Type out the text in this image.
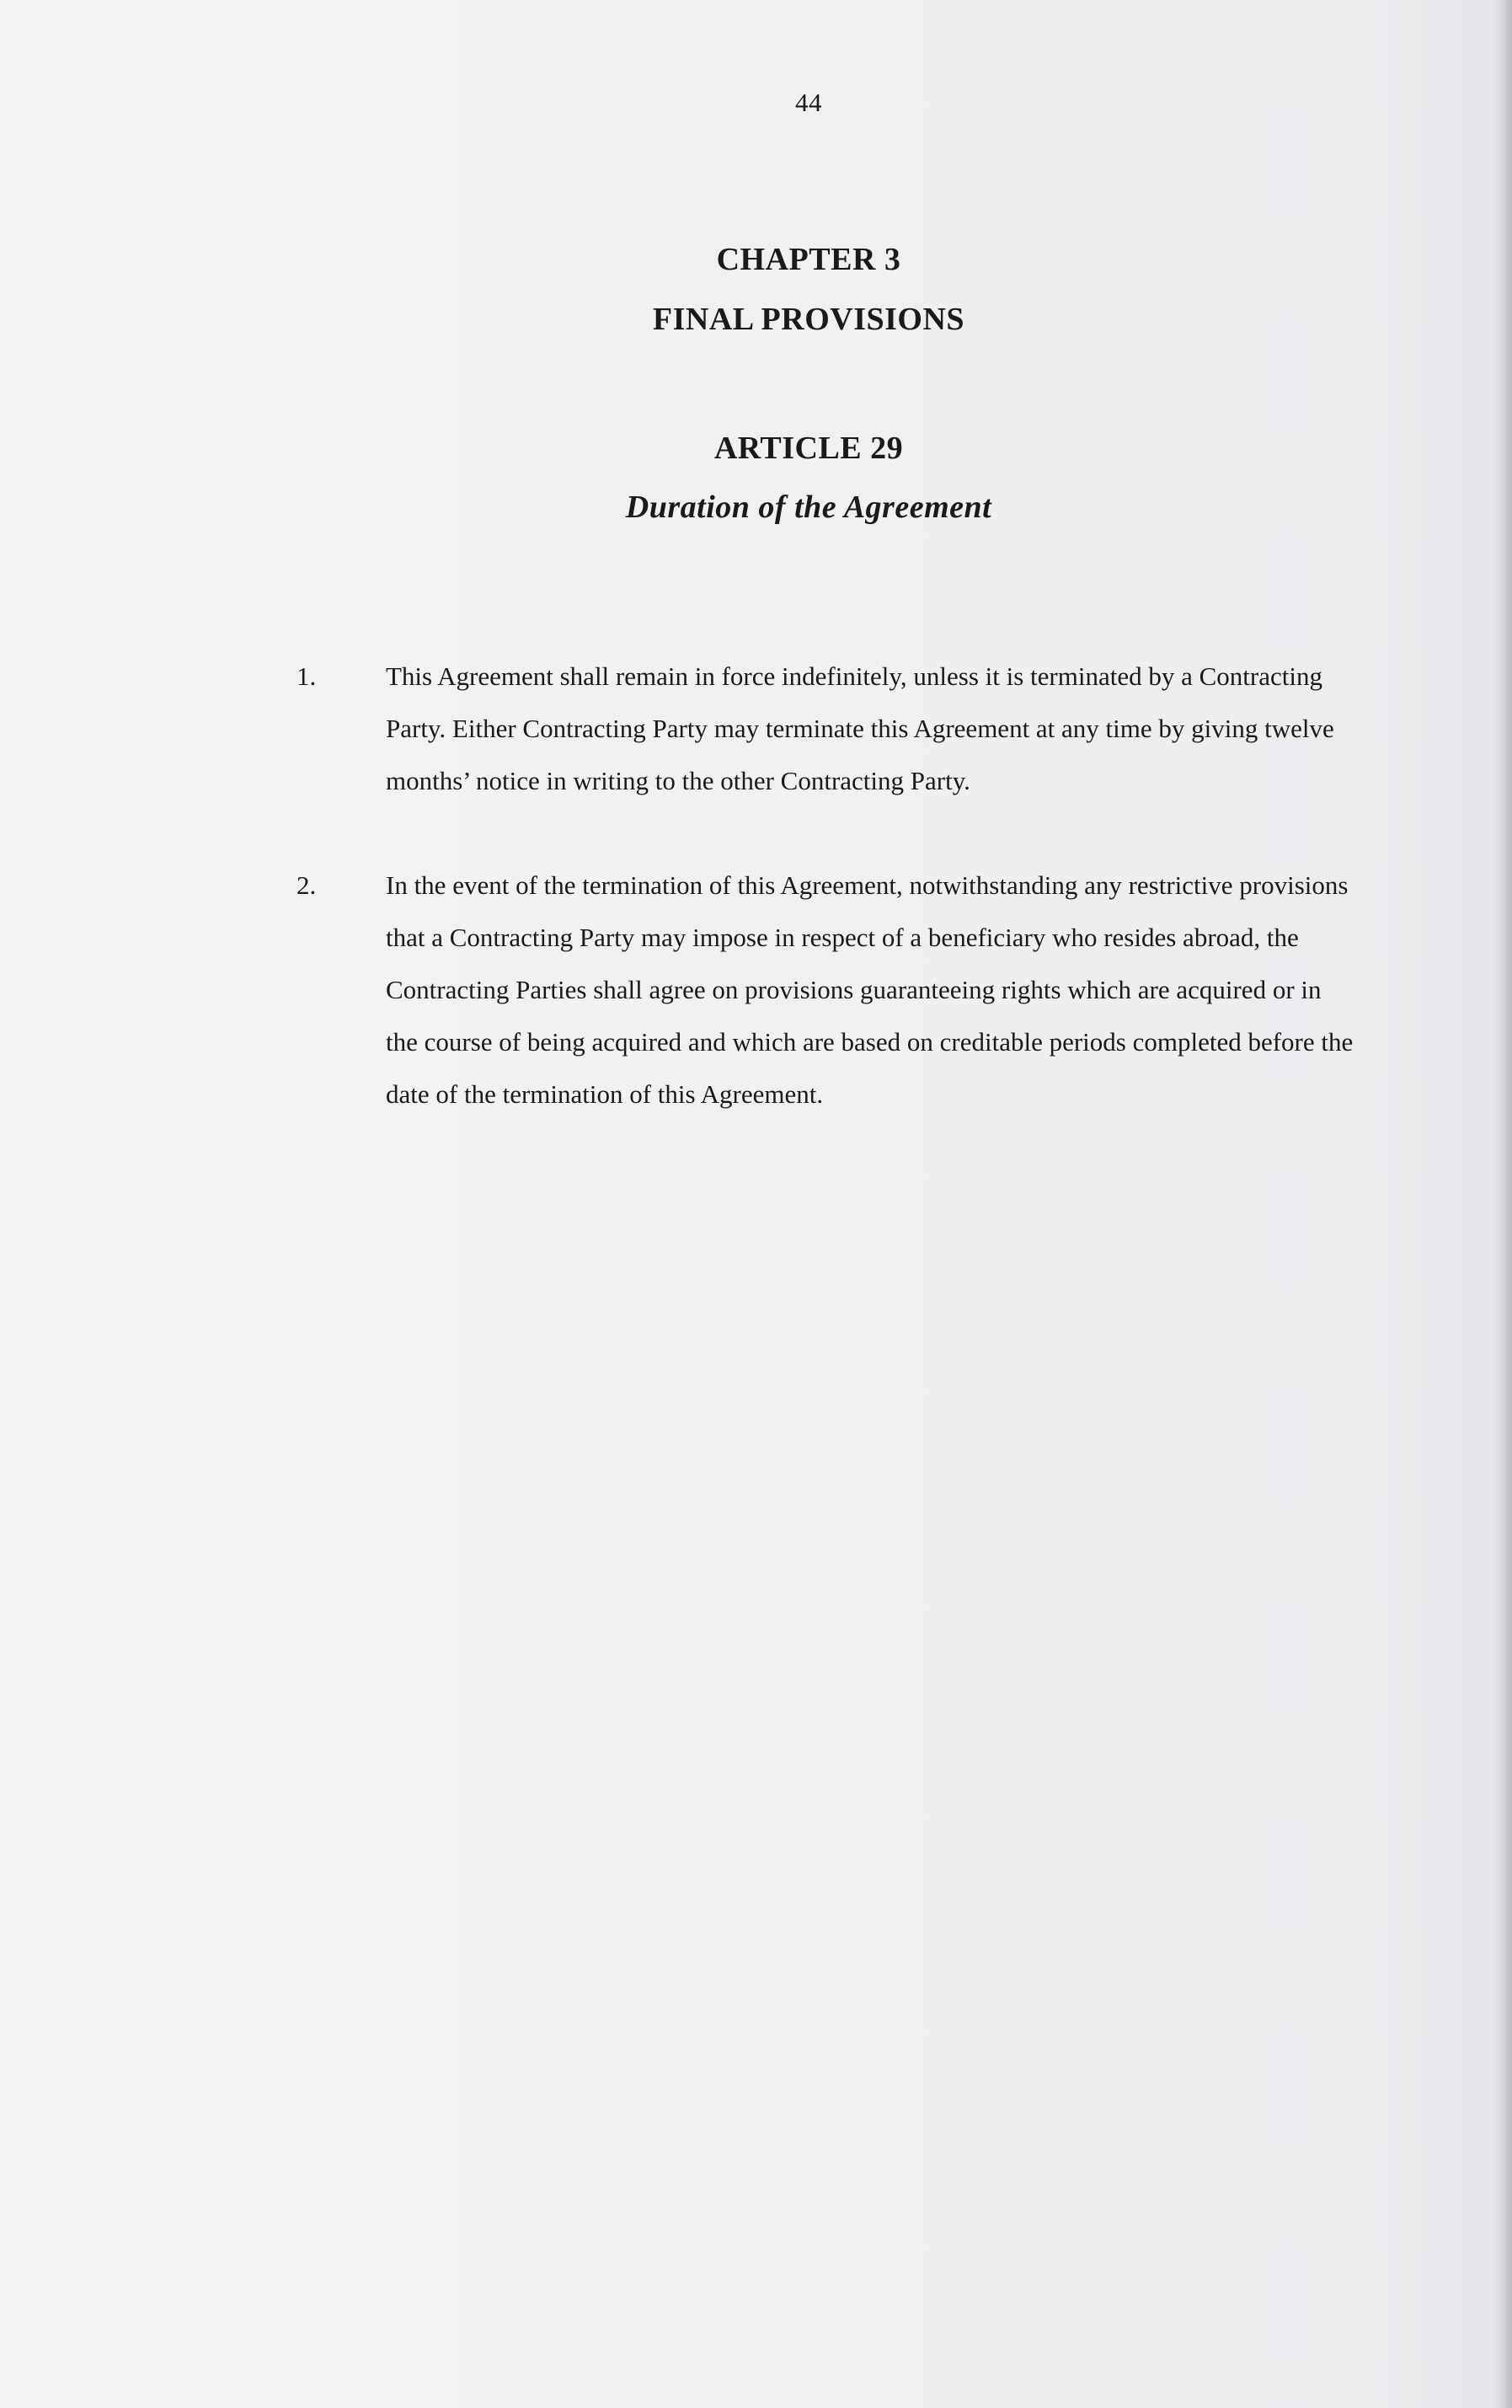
44
CHAPTER 3
FINAL PROVISIONS
ARTICLE 29
Duration of the Agreement
1.	This Agreement shall remain in force indefinitely, unless it is terminated by a Contracting Party. Either Contracting Party may terminate this Agreement at any time by giving twelve months’ notice in writing to the other Contracting Party.
2.	In the event of the termination of this Agreement, notwithstanding any restrictive provisions that a Contracting Party may impose in respect of a beneficiary who resides abroad, the Contracting Parties shall agree on provisions guaranteeing rights which are acquired or in the course of being acquired and which are based on creditable periods completed before the date of the termination of this Agreement.
